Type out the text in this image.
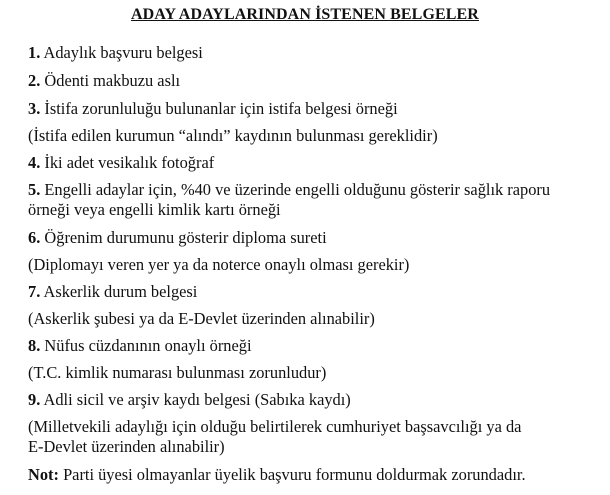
ADAY ADAYLARINDAN İSTENEN BELGELER
1. Adaylık başvuru belgesi
2. Ödenti makbuzu aslı
3. İstifa zorunluluğu bulunanlar için istifa belgesi örneği
(İstifa edilen kurumun “alındı” kaydının bulunması gereklidir)
4. İki adet vesikalık fotoğraf
5. Engelli adaylar için, %40 ve üzerinde engelli olduğunu gösterir sağlık raporu
örneği veya engelli kimlik kartı örneği
6. Öğrenim durumunu gösterir diploma sureti
(Diplomayı veren yer ya da noterce onaylı olması gerekir)
7. Askerlik durum belgesi
(Askerlik şubesi ya da E-Devlet üzerinden alınabilir)
8. Nüfus cüzdanının onaylı örneği
(T.C. kimlik numarası bulunması zorunludur)
9. Adli sicil ve arşiv kaydı belgesi (Sabıka kaydı)
(Milletvekili adaylığı için olduğu belirtilerek cumhuriyet başsavcılığı ya da
E-Devlet üzerinden alınabilir)
Not: Parti üyesi olmayanlar üyelik başvuru formunu doldurmak zorundadır.
